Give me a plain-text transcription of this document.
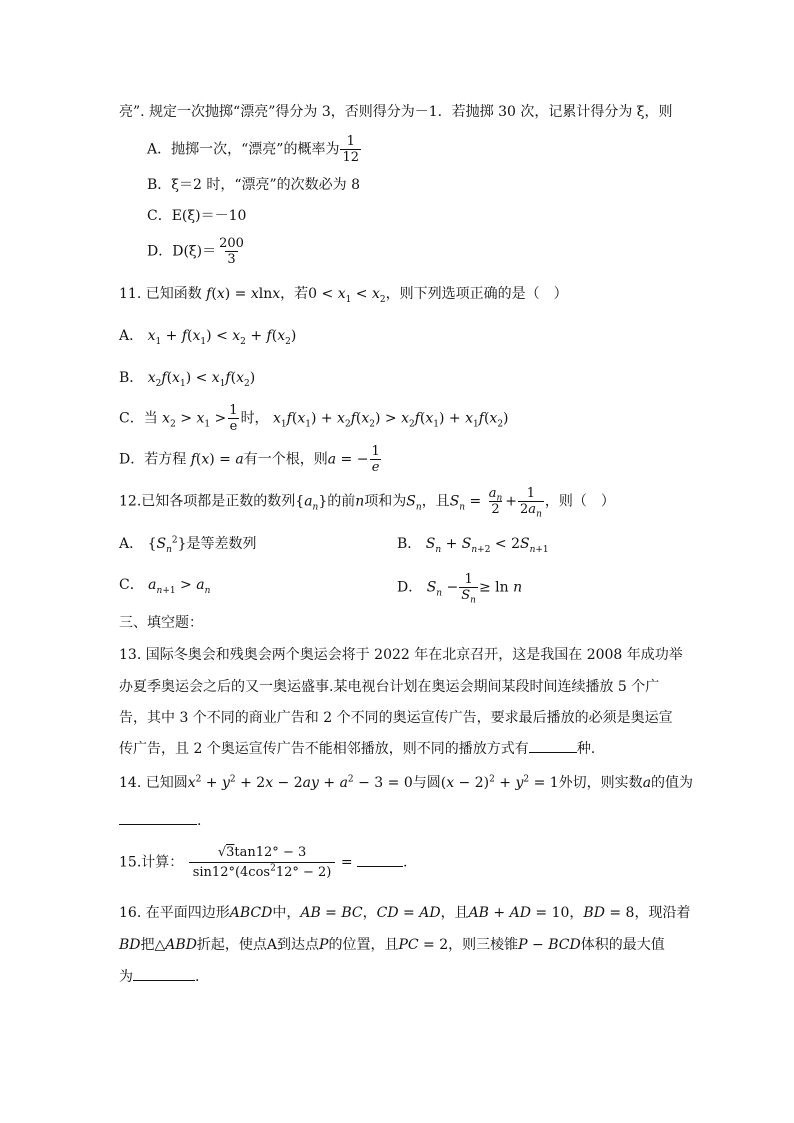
亮”. 规定一次抛掷“漂亮”得分为 3，否则得分为－1．若抛掷 30 次，记累计得分为 ξ，则
A．抛掷一次，“漂亮”的概率为 $\frac{1}{12}$
B．ξ＝2 时，“漂亮”的次数必为 8
C．E(ξ)＝－10
D．$D(\xi)= \frac{200}{3}$
11. 已知函数 f(x) = xlnx，若$0 < x_1 < x_2$，则下列选项正确的是（　）
A． $x_1 + f(x_1) < x_2 + f(x_2)$
B． $x_2f(x_1) < x_1f(x_2)$
C．当 $x_2 > x_1 > \frac{1}{e}$ 时， $x_1f(x_1) + x_2f(x_2) > x_2f(x_1) + x_1f(x_2)$
D．若方程 f(x) = a有一个根，则a = − $\frac{1}{e}$
12.已知各项都是正数的数列$\{a_n\}$的前n项和为$S_n$，且$S_n = \frac{a_n}{2} + \frac{1}{2a_n}$ ，则（　）
A． $\{S_n^2\}$是等差数列	B． $S_n + S_{n+2} < 2S_{n+1}$
C． $a_{n+1} > a_n$	D． $S_n - \frac{1}{S_n} \ge \ln n$
三、填空题：
13. 国际冬奥会和残奥会两个奥运会将于 2022 年在北京召开，这是我国在 2008 年成功举
办夏季奥运会之后的又一奥运盛事.某电视台计划在奥运会期间某段时间连续播放 5 个广
告，其中 3 个不同的商业广告和 2 个不同的奥运宣传广告，要求最后播放的必须是奥运宣
传广告，且 2 个奥运宣传广告不能相邻播放，则不同的播放方式有	种.
14. 已知圆$x^2 + y^2 + 2x - 2ay + a^2 - 3 = 0$与圆$(x - 2)^2 + y^2 = 1$外切，则实数a的值为
.
15.计算： $\frac{√3\tan 12^\circ - 3}{\sin 12^\circ(4\cos^212^\circ - 2)}$ =	.
16. 在平面四边形ABCD中，AB = BC，CD = AD，且AB + AD = 10，BD = 8，现沿着
BD把△ABD折起，使点A到达点P的位置，且PC = 2，则三棱锥P − BCD体积的最大值
为	.
